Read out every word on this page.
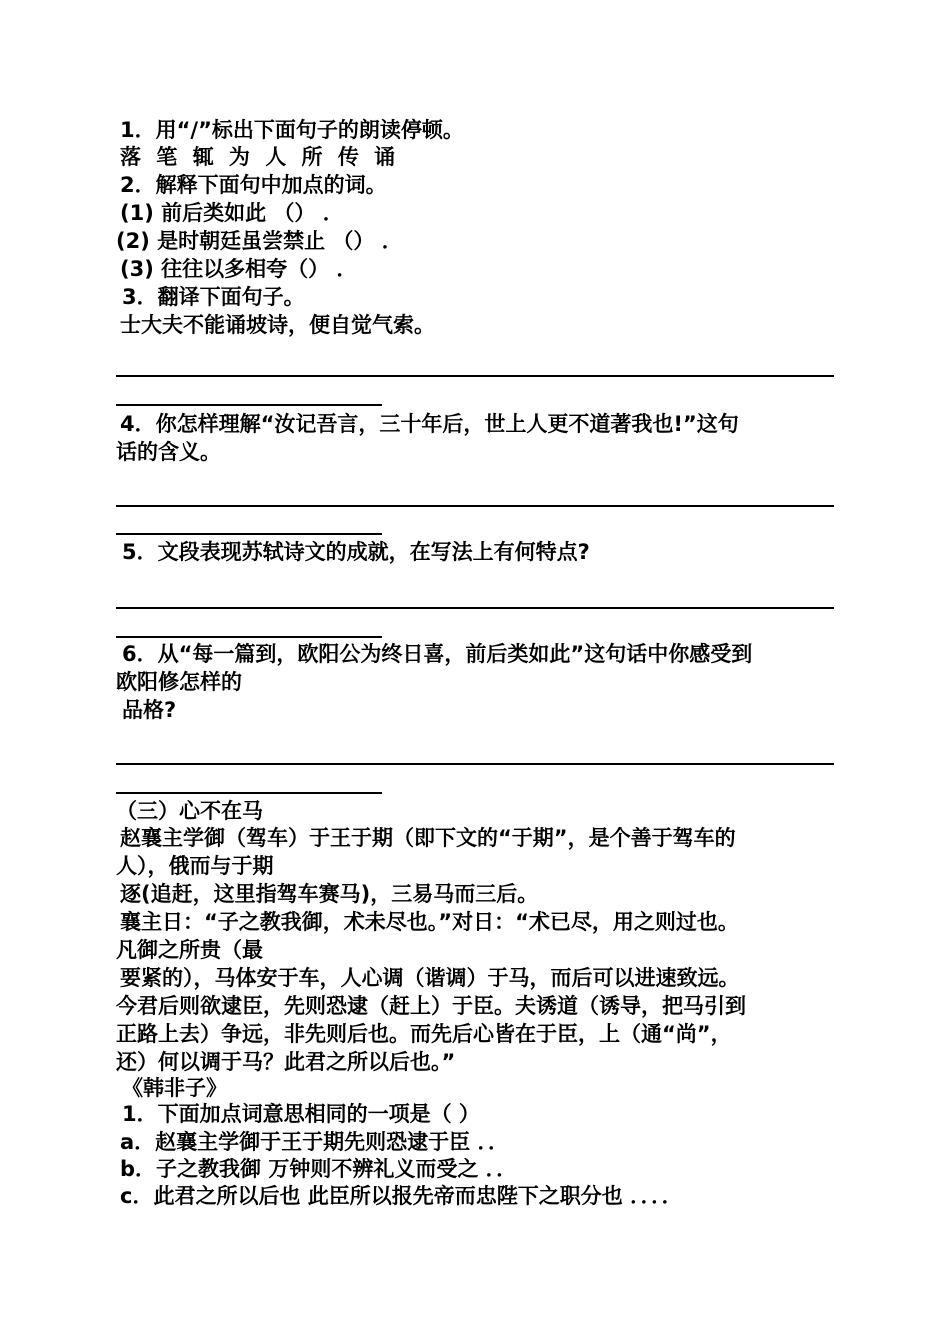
1．用“/”标出下面句子的朗读停顿。
落 笔 辄 为 人 所 传 诵
2．解释下面句中加点的词。
(1) 前后类如此 （） ．
(2) 是时朝廷虽尝禁止 （） ．
(3) 往往以多相夸（） ．
3．翻译下面句子。
士大夫不能诵坡诗，便自觉气索。
4．你怎样理解“汝记吾言，三十年后，世上人更不道著我也!”这句
话的含义。
5．文段表现苏轼诗文的成就，在写法上有何特点?
6．从“每一篇到，欧阳公为终日喜，前后类如此”这句话中你感受到
欧阳修怎样的
品格?
（三）心不在马
赵襄主学御（驾车）于王于期（即下文的“于期”，是个善于驾车的
人），俄而与于期
逐(追赶，这里指驾车赛马)，三易马而三后。
襄主日：“子之教我御，术未尽也。”对日：“术已尽，用之则过也。
凡御之所贵（最
要紧的），马体安于车，人心调（谐调）于马，而后可以进速致远。
今君后则欲逮臣，先则恐逮（赶上）于臣。夫诱道（诱导，把马引到
正路上去）争远，非先则后也。而先后心皆在于臣，上（通“尚”，
还）何以调于马？此君之所以后也。”
《韩非子》
1．下面加点词意思相同的一项是（ ）
a．赵襄主学御于王于期先则恐逮于臣 ．．
b．子之教我御 万钟则不辨礼义而受之 ．．
c．此君之所以后也 此臣所以报先帝而忠陛下之职分也 ．．．．
